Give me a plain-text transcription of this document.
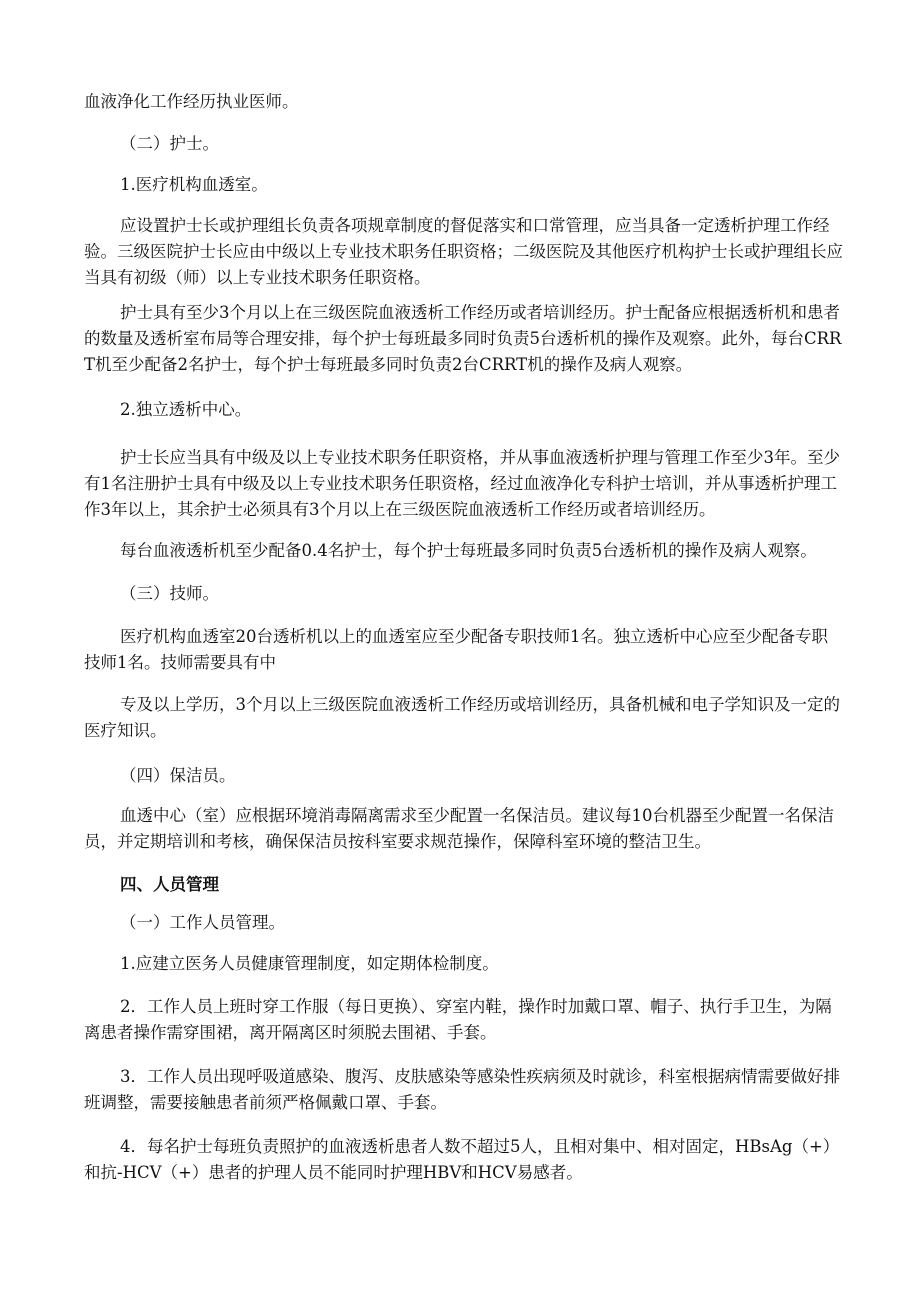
血液净化工作经历执业医师。

（二）护士。

1.医疗机构血透室。

应设置护士长或护理组长负责各项规章制度的督促落实和口常管理，应当具备一定透析护理工作经验。三级医院护士长应由中级以上专业技术职务任职资格；二级医院及其他医疗机构护士长或护理组长应当具有初级（师）以上专业技术职务任职资格。

护士具有至少3个月以上在三级医院血液透析工作经历或者培训经历。护士配备应根据透析机和患者的数量及透析室布局等合理安排，每个护士每班最多同时负责5台透析机的操作及观察。此外，每台CRRT机至少配备2名护士，每个护士每班最多同时负责2台CRRT机的操作及病人观察。

2.独立透析中心。

护士长应当具有中级及以上专业技术职务任职资格，并从事血液透析护理与管理工作至少3年。至少有1名注册护士具有中级及以上专业技术职务任职资格，经过血液净化专科护士培训，并从事透析护理工作3年以上，其余护士必须具有3个月以上在三级医院血液透析工作经历或者培训经历。

每台血液透析机至少配备0.4名护士，每个护士每班最多同时负责5台透析机的操作及病人观察。

（三）技师。

医疗机构血透室20台透析机以上的血透室应至少配备专职技师1名。独立透析中心应至少配备专职技师1名。技师需要具有中

专及以上学历，3个月以上三级医院血液透析工作经历或培训经历，具备机械和电子学知识及一定的医疗知识。

（四）保洁员。

血透中心（室）应根据环境消毒隔离需求至少配置一名保洁员。建议每10台机器至少配置一名保洁员，并定期培训和考核，确保保洁员按科室要求规范操作，保障科室环境的整洁卫生。

四、人员管理

（一）工作人员管理。

1.应建立医务人员健康管理制度，如定期体检制度。

2．工作人员上班时穿工作服（每日更换）、穿室内鞋，操作时加戴口罩、帽子、执行手卫生，为隔离患者操作需穿围裙，离开隔离区时须脱去围裙、手套。

3．工作人员出现呼吸道感染、腹泻、皮肤感染等感染性疾病须及时就诊，科室根据病情需要做好排班调整，需要接触患者前须严格佩戴口罩、手套。

4．每名护士每班负责照护的血液透析患者人数不超过5人，且相对集中、相对固定，HBsAg（+）和抗-HCV（+）患者的护理人员不能同时护理HBV和HCV易感者。
